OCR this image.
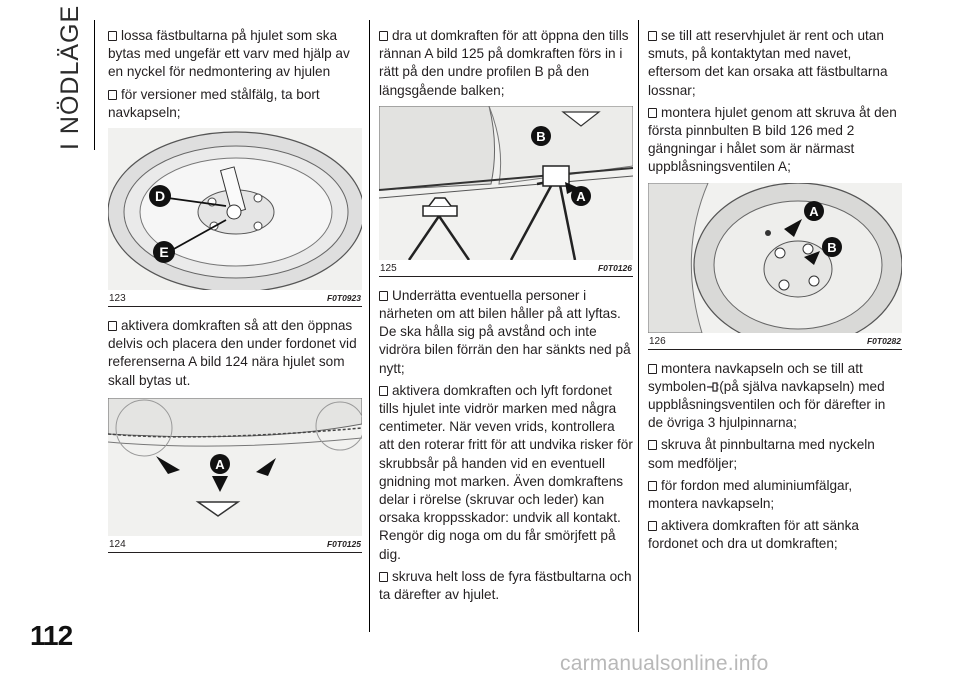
I NÖDLÄGE
112

lossa fästbultarna på hjulet som ska bytas med ungefär ett varv med hjälp av en nyckel för nedmontering av hjulen

för versioner med stålfälg, ta bort navkapseln;

D
E
123	F0T0923

aktivera domkraften så att den öppnas delvis och placera den under fordonet vid referenserna A bild 124 nära hjulet som skall bytas ut.

A
124	F0T0125

dra ut domkraften för att öppna den tills rännan A bild 125 på domkraften förs in i rätt på den undre profilen B på den längsgående balken;

B
A
125	F0T0126

Underrätta eventuella personer i närheten om att bilen håller på att lyftas. De ska hålla sig på avstånd och inte vidröra bilen förrän den har sänkts ned på nytt;

aktivera domkraften och lyft fordonet tills hjulet inte vidrör marken med några centimeter. När veven vrids, kontrollera att den roterar fritt för att undvika risker för skrubbsår på handen vid en eventuell gnidning mot marken. Även domkraftens delar i rörelse (skruvar och leder) kan orsaka kroppsskador: undvik all kontakt. Rengör dig noga om du får smörjfett på dig.

skruva helt loss de fyra fästbultarna och ta därefter av hjulet.

se till att reservhjulet är rent och utan smuts, på kontaktytan med navet, eftersom det kan orsaka att fästbultarna lossnar;

montera hjulet genom att skruva åt den första pinnbulten B bild 126 med 2 gängningar i hålet som är närmast uppblåsningsventilen A;

A
B
126	F0T0282

montera navkapseln och se till att symbolen (på själva navkapseln) med uppblåsningsventilen och för därefter in de övriga 3 hjulpinnarna;

skruva åt pinnbultarna med nyckeln som medföljer;

för fordon med aluminiumfälgar, montera navkapseln;

aktivera domkraften för att sänka fordonet och dra ut domkraften;

carmanualsonline.info
